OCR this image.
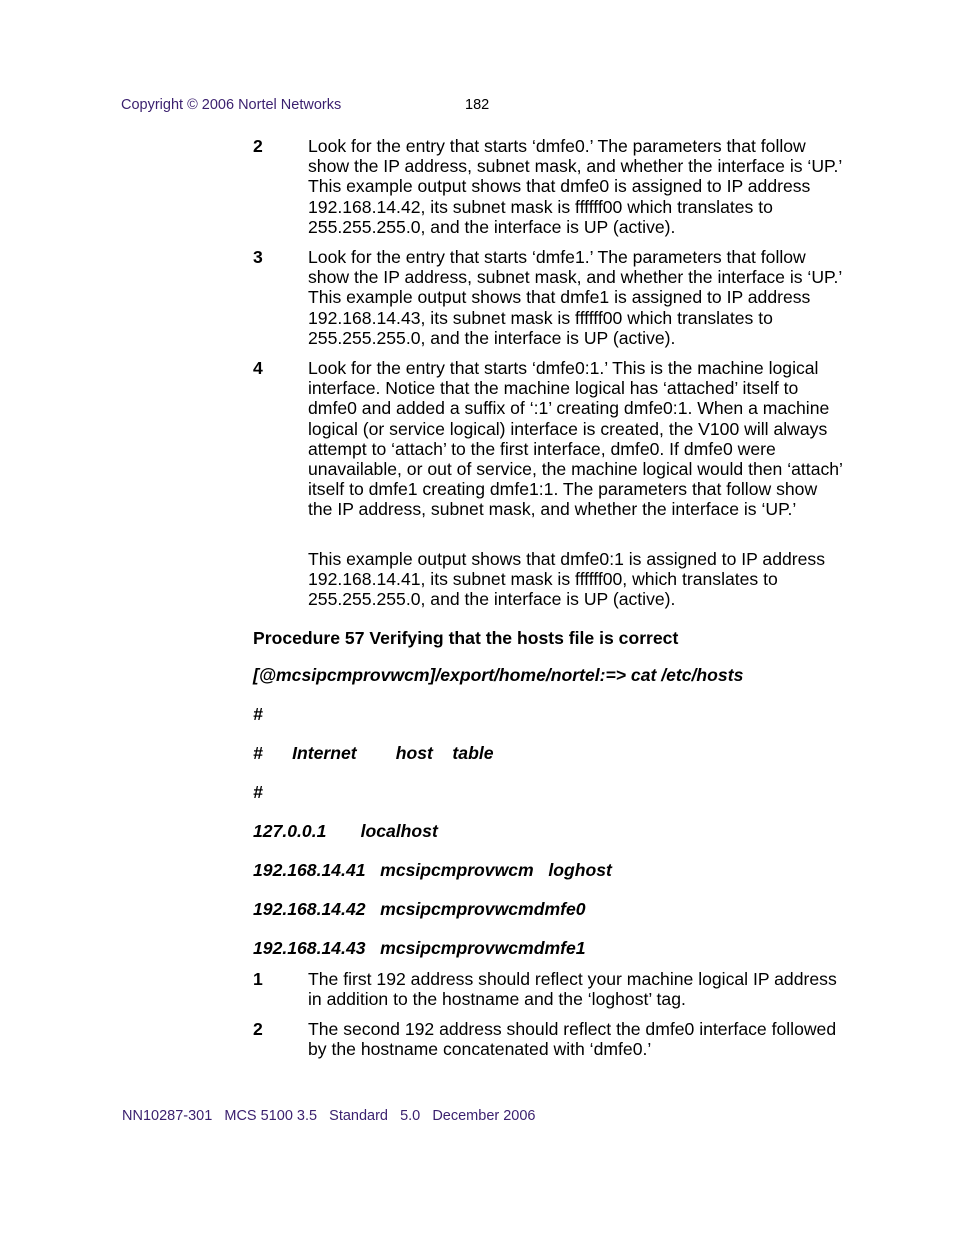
Copyright © 2006 Nortel Networks	182
2	Look for the entry that starts ‘dmfe0.’ The parameters that follow show the IP address, subnet mask, and whether the interface is ‘UP.’ This example output shows that dmfe0 is assigned to IP address 192.168.14.42, its subnet mask is ffffff00 which translates to 255.255.255.0, and the interface is UP (active).
3	Look for the entry that starts ‘dmfe1.’ The parameters that follow show the IP address, subnet mask, and whether the interface is ‘UP.’ This example output shows that dmfe1 is assigned to IP address 192.168.14.43, its subnet mask is ffffff00 which translates to 255.255.255.0, and the interface is UP (active).
4	Look for the entry that starts ‘dmfe0:1.’ This is the machine logical interface. Notice that the machine logical has ‘attached’ itself to dmfe0 and added a suffix of ‘:1’ creating dmfe0:1. When a machine logical (or service logical) interface is created, the V100 will always attempt to ‘attach’ to the first interface, dmfe0. If dmfe0 were unavailable, or out of service, the machine logical would then ‘attach’ itself to dmfe1 creating dmfe1:1. The parameters that follow show the IP address, subnet mask, and whether the interface is ‘UP.’
This example output shows that dmfe0:1 is assigned to IP address 192.168.14.41, its subnet mask is ffffff00, which translates to 255.255.255.0, and the interface is UP (active).
Procedure 57 Verifying that the hosts file is correct
[@mcsipcmprovwcm]/export/home/nortel:=> cat /etc/hosts
#
#      Internet        host    table
#
127.0.0.1       localhost
192.168.14.41   mcsipcmprovwcm   loghost
192.168.14.42   mcsipcmprovwcmdmfe0
192.168.14.43   mcsipcmprovwcmdmfe1
1	The first 192 address should reflect your machine logical IP address in addition to the hostname and the ‘loghost’ tag.
2	The second 192 address should reflect the dmfe0 interface followed by the hostname concatenated with ‘dmfe0.’
NN10287-301   MCS 5100 3.5   Standard   5.0   December 2006
